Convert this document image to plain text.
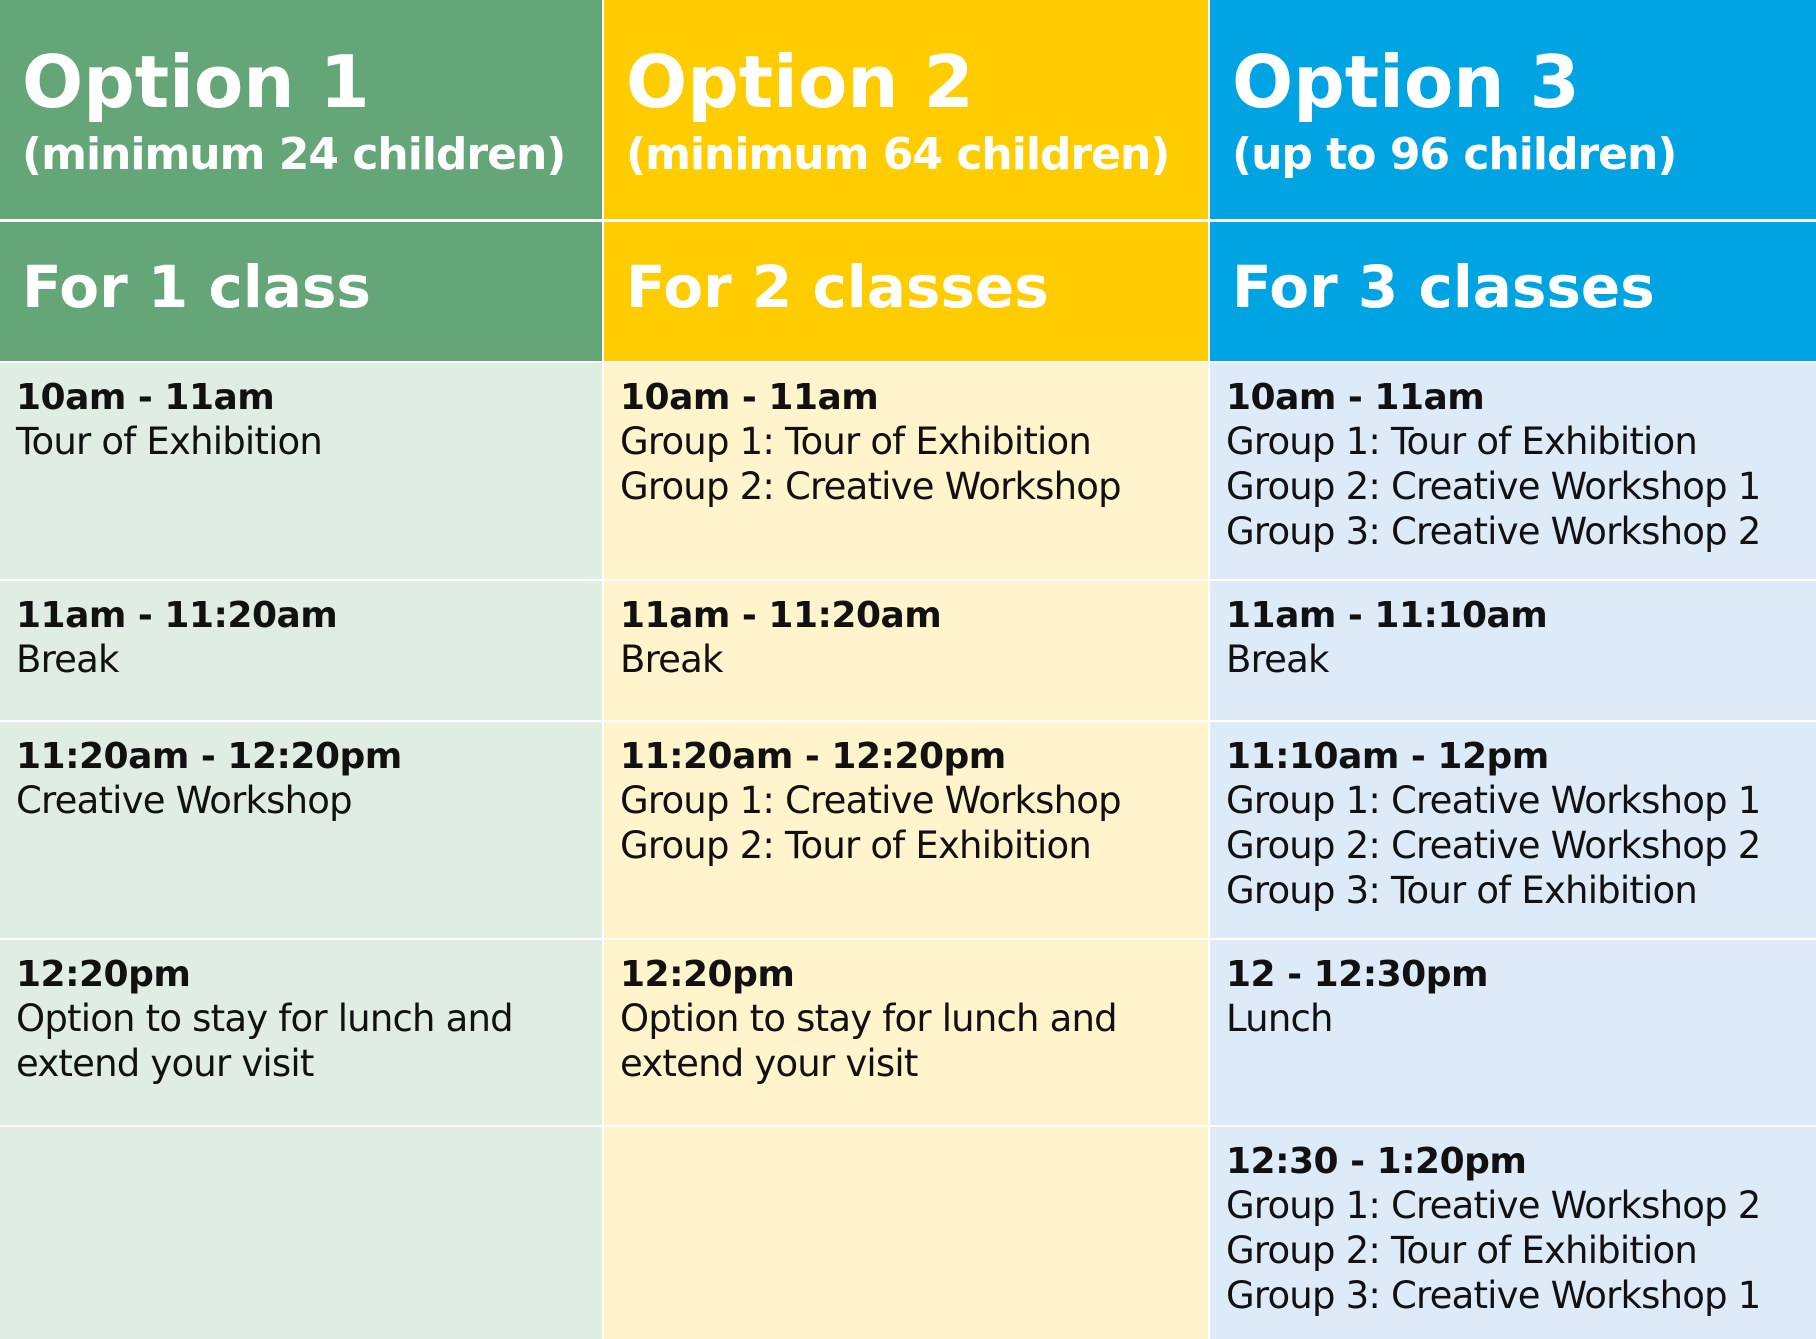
Option 1
(minimum 24 children)
Option 2
(minimum 64 children)
Option 3
(up to 96 children)
For 1 class	For 2 classes	For 3 classes
10am - 11am
Tour of Exhibition
10am - 11am
Group 1: Tour of Exhibition
Group 2: Creative Workshop
10am - 11am
Group 1: Tour of Exhibition
Group 2: Creative Workshop 1
Group 3: Creative Workshop 2
11am - 11:20am
Break
11am - 11:20am
Break
11am - 11:10am
Break
11:20am - 12:20pm
Creative Workshop
11:20am - 12:20pm
Group 1: Creative Workshop
Group 2: Tour of Exhibition
11:10am - 12pm
Group 1: Creative Workshop 1
Group 2: Creative Workshop 2
Group 3: Tour of Exhibition
12:20pm
Option to stay for lunch and
extend your visit
12:20pm
Option to stay for lunch and
extend your visit
12 - 12:30pm
Lunch
12:30 - 1:20pm
Group 1: Creative Workshop 2
Group 2: Tour of Exhibition
Group 3: Creative Workshop 1
